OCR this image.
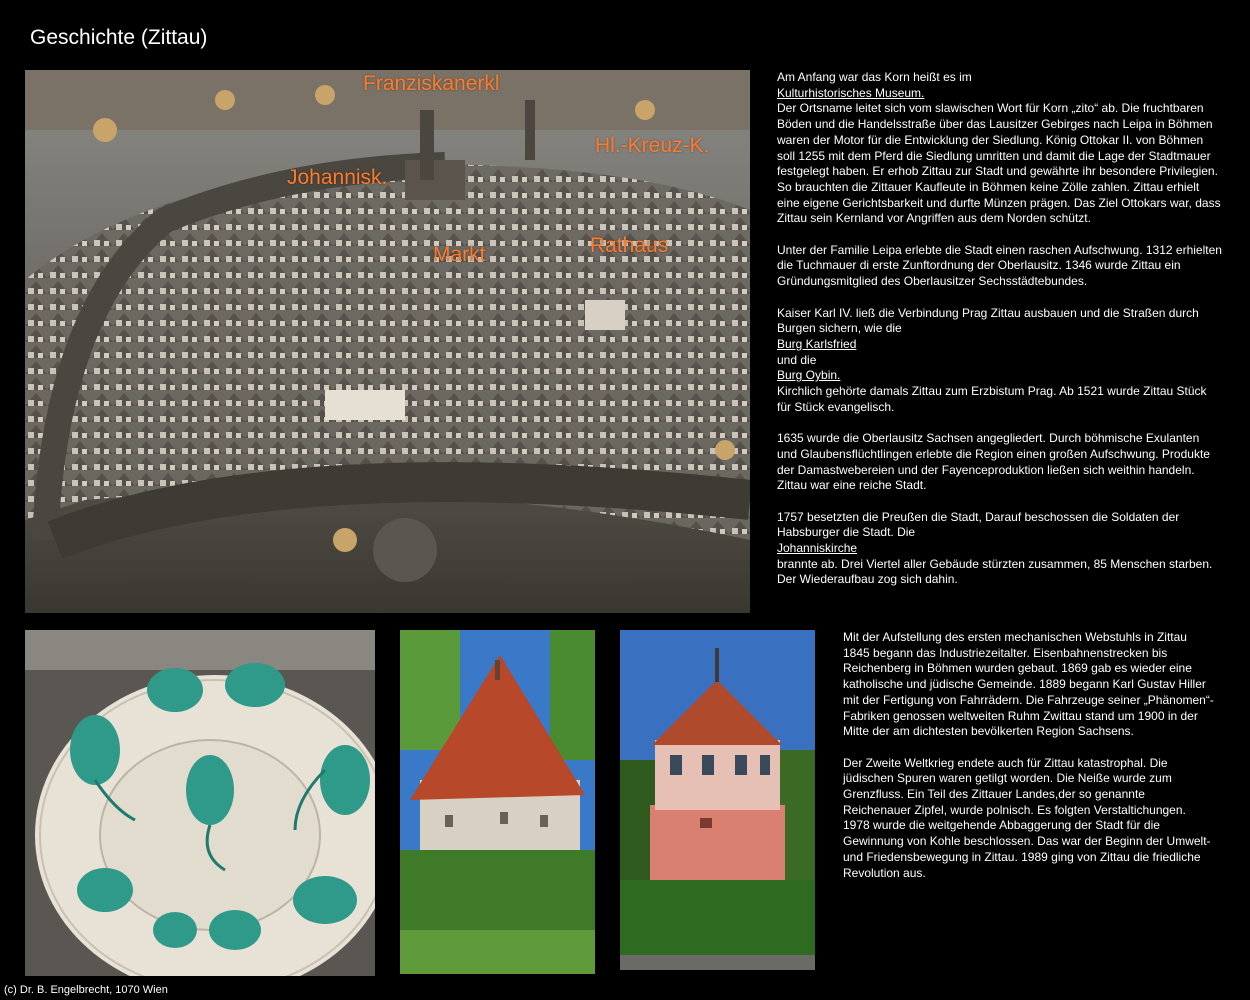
Geschichte (Zittau)
Franziskanerkl
Hl.-Kreuz-K.
Johannisk.
Markt	Rathaus

Am Anfang war das Korn heißt es im
Kulturhistorisches Museum.
Der Ortsname leitet sich vom slawischen Wort für Korn „zito“ ab. Die fruchtbaren Böden und die Handelsstraße über das Lausitzer Gebirges nach Leipa in Böhmen waren der Motor für die Entwicklung der Siedlung. König Ottokar II. von Böhmen soll 1255 mit dem Pferd die Siedlung umritten und damit die Lage der Stadtmauer festgelegt haben. Er erhob Zittau zur Stadt und gewährte ihr besondere Privilegien. So brauchten die Zittauer Kaufleute in Böhmen keine Zölle zahlen. Zittau erhielt eine eigene Gerichtsbarkeit und durfte Münzen prägen. Das Ziel Ottokars war, dass Zittau sein Kernland vor Angriffen aus dem Norden schützt.

Unter der Familie Leipa erlebte die Stadt einen raschen Aufschwung. 1312 erhielten die Tuchmauer di erste Zunftordnung der Oberlausitz. 1346 wurde Zittau ein Gründungsmitglied des Oberlausitzer Sechsstädtebundes.

Kaiser Karl IV. ließ die Verbindung Prag Zittau ausbauen und die Straßen durch Burgen sichern, wie die
Burg Karlsfried
und die
Burg Oybin.
Kirchlich gehörte damals Zittau zum Erzbistum Prag. Ab 1521 wurde Zittau Stück für Stück evangelisch.

1635 wurde die Oberlausitz Sachsen angegliedert. Durch böhmische Exulanten und Glaubensflüchtlingen erlebte die Region einen großen Aufschwung. Produkte der Damastwebereien und der Fayenceproduktion ließen sich weithin handeln. Zittau war eine reiche Stadt.

1757 besetzten die Preußen die Stadt, Darauf beschossen die Soldaten der Habsburger die Stadt. Die
Johanniskirche
brannte ab. Drei Viertel aller Gebäude stürzten zusammen, 85 Menschen starben. Der Wiederaufbau zog sich dahin.

Mit der Aufstellung des ersten mechanischen Webstuhls in Zittau 1845 begann das Industriezeitalter. Eisenbahnenstrecken bis Reichenberg in Böhmen wurden gebaut. 1869 gab es wieder eine katholische und jüdische Gemeinde. 1889 begann Karl Gustav Hiller mit der Fertigung von Fahrrädern. Die Fahrzeuge seiner „Phänomen“-Fabriken genossen weltweiten Ruhm Zwittau stand um 1900 in der Mitte der am dichtesten bevölkerten Region Sachsens.

Der Zweite Weltkrieg endete auch für Zittau katastrophal. Die jüdischen Spuren waren getilgt worden. Die Neiße wurde zum Grenzfluss. Ein Teil des Zittauer Landes,der so genannte Reichenauer Zipfel, wurde polnisch. Es folgten Verstaltichungen. 1978 wurde die weitgehende Abbaggerung der Stadt für die Gewinnung von Kohle beschlossen. Das war der Beginn der Umwelt- und Friedensbewegung in Zittau. 1989 ging von Zittau die friedliche Revolution aus.

(c) Dr. B. Engelbrecht, 1070 Wien
